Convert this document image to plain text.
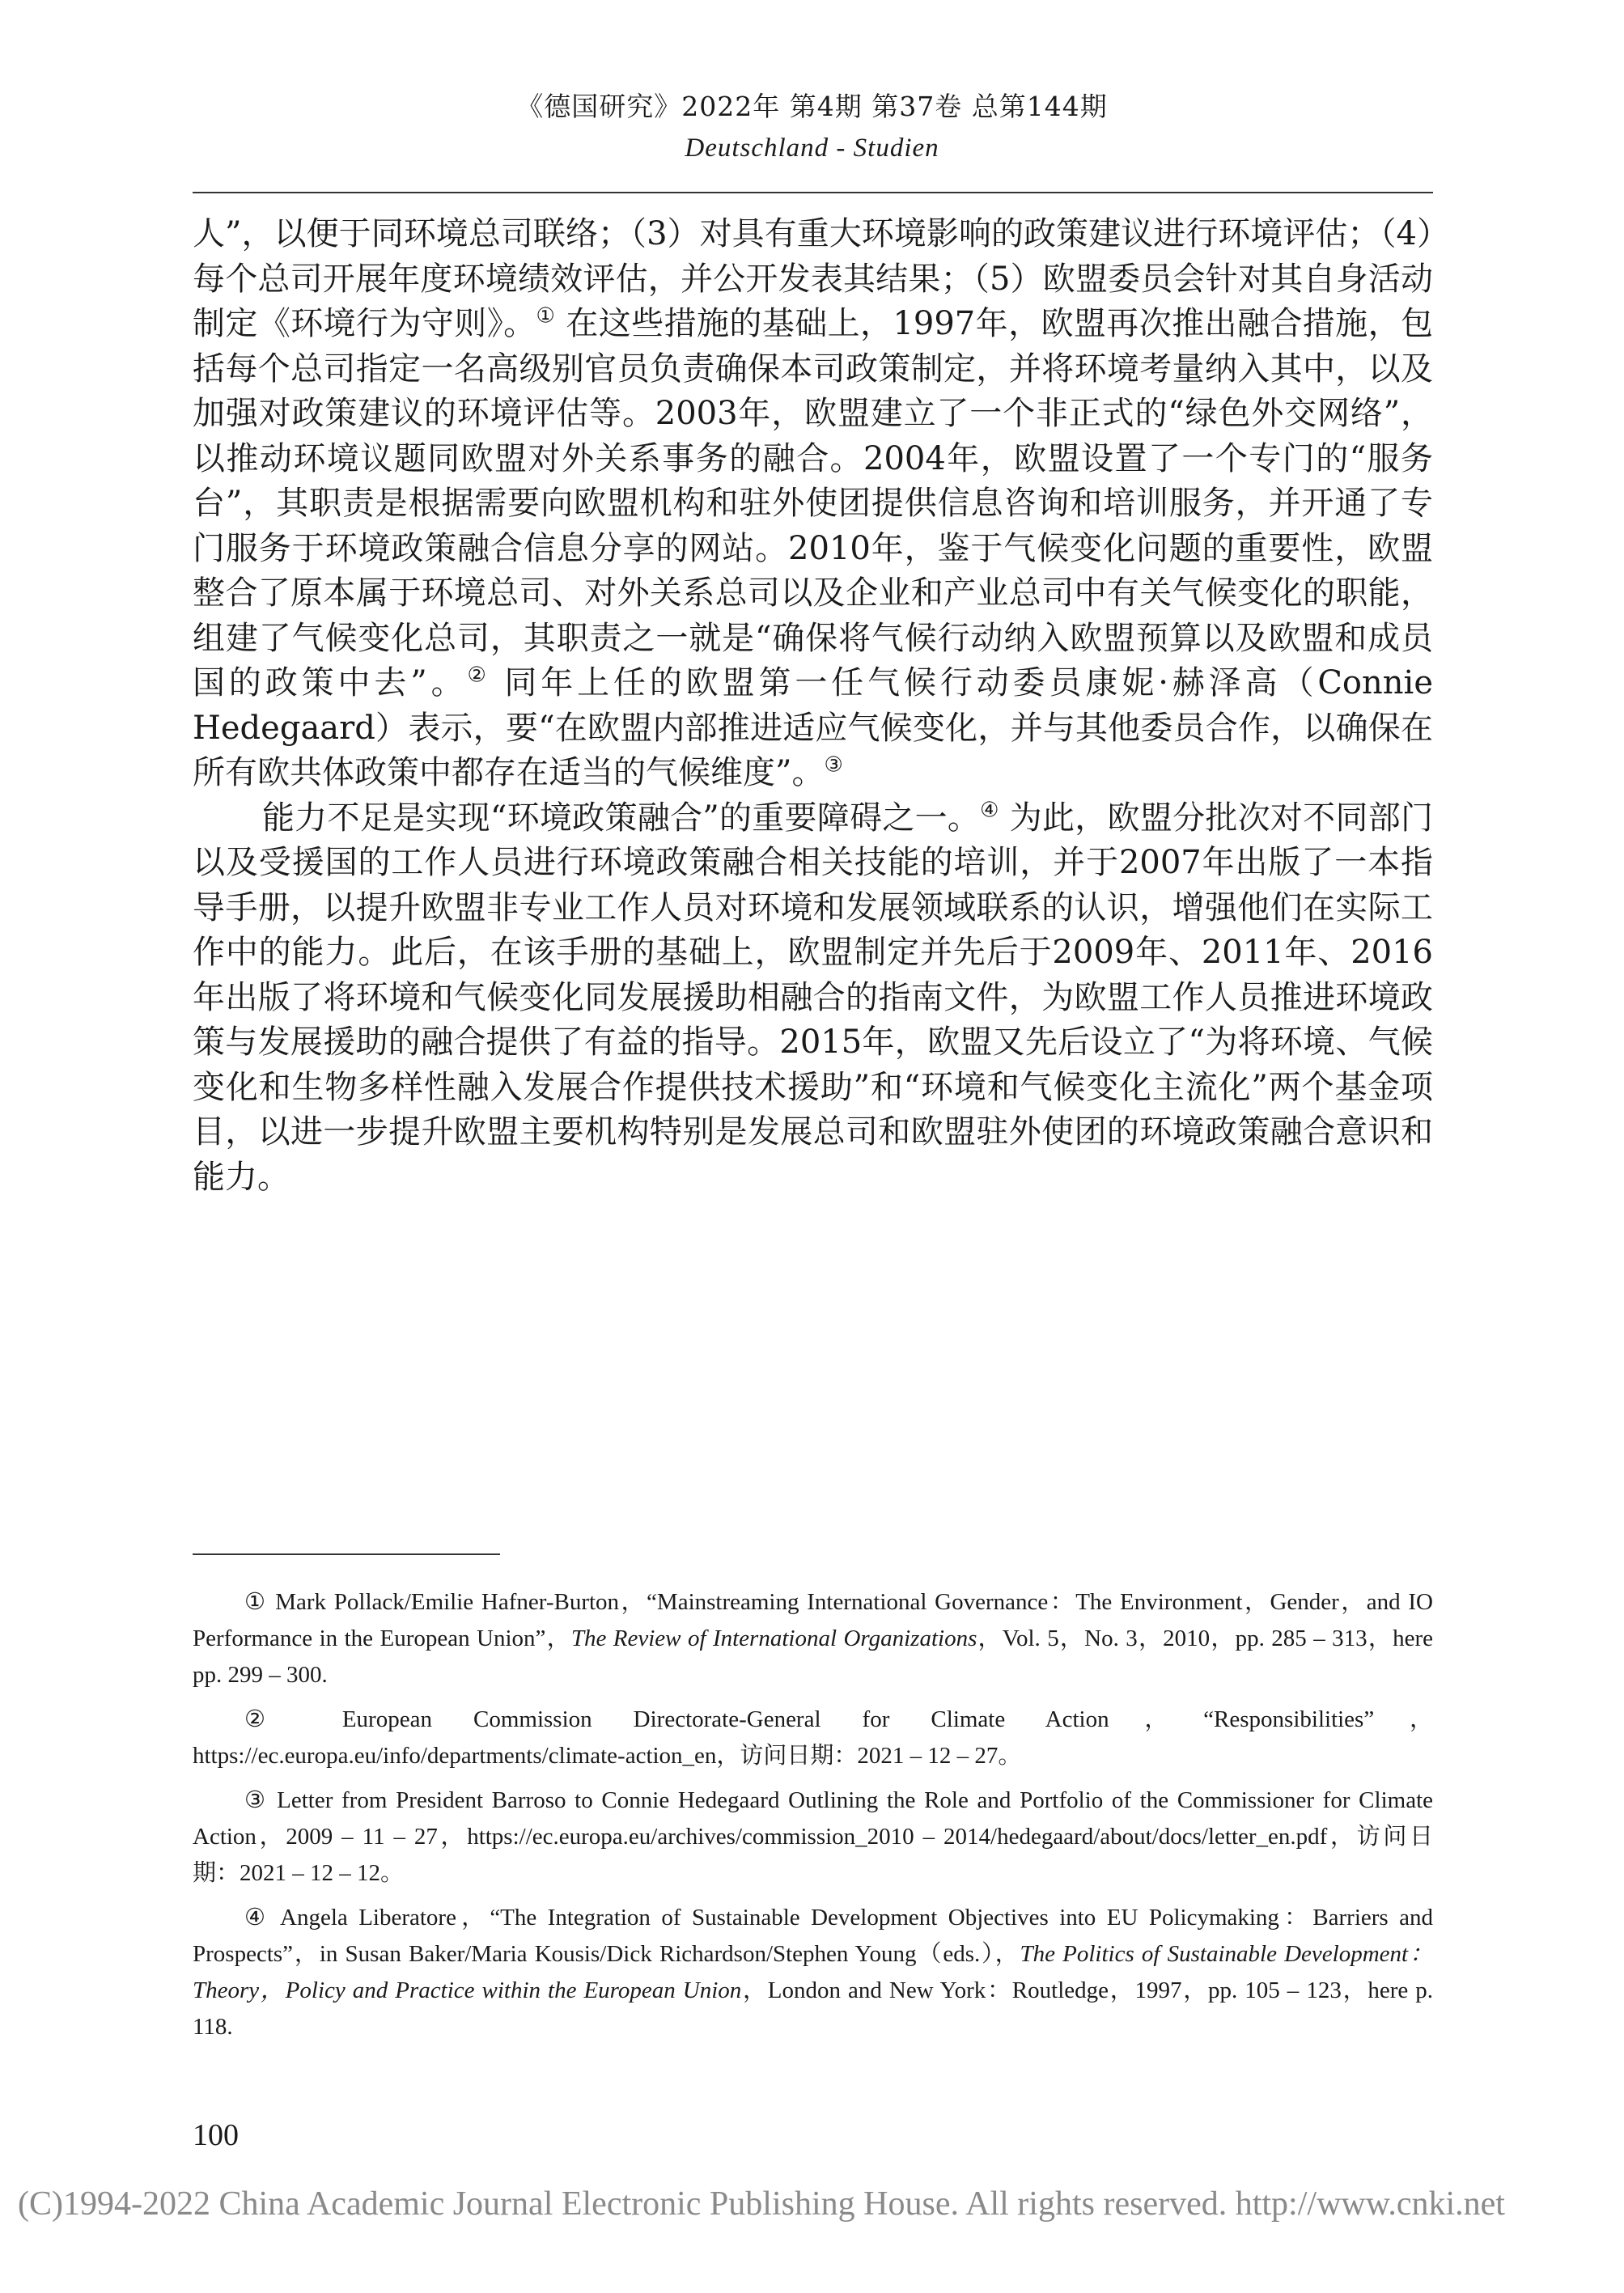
《德国研究》2022年 第4期 第37卷 总第144期
Deutschland - Studien

人”，以便于同环境总司联络；（3）对具有重大环境影响的政策建议进行环境评估；（4）每个总司开展年度环境绩效评估，并公开发表其结果；（5）欧盟委员会针对其自身活动制定《环境行为守则》。① 在这些措施的基础上，1997年，欧盟再次推出融合措施，包括每个总司指定一名高级别官员负责确保本司政策制定，并将环境考量纳入其中，以及加强对政策建议的环境评估等。2003年，欧盟建立了一个非正式的“绿色外交网络”，以推动环境议题同欧盟对外关系事务的融合。2004年，欧盟设置了一个专门的“服务台”，其职责是根据需要向欧盟机构和驻外使团提供信息咨询和培训服务，并开通了专门服务于环境政策融合信息分享的网站。2010年，鉴于气候变化问题的重要性，欧盟整合了原本属于环境总司、对外关系总司以及企业和产业总司中有关气候变化的职能，组建了气候变化总司，其职责之一就是“确保将气候行动纳入欧盟预算以及欧盟和成员国的政策中去”。② 同年上任的欧盟第一任气候行动委员康妮·赫泽高（Connie Hedegaard）表示，要“在欧盟内部推进适应气候变化，并与其他委员合作，以确保在所有欧共体政策中都存在适当的气候维度”。③

能力不足是实现“环境政策融合”的重要障碍之一。④ 为此，欧盟分批次对不同部门以及受援国的工作人员进行环境政策融合相关技能的培训，并于2007年出版了一本指导手册，以提升欧盟非专业工作人员对环境和发展领域联系的认识，增强他们在实际工作中的能力。此后，在该手册的基础上，欧盟制定并先后于2009年、2011年、2016年出版了将环境和气候变化同发展援助相融合的指南文件，为欧盟工作人员推进环境政策与发展援助的融合提供了有益的指导。2015年，欧盟又先后设立了“为将环境、气候变化和生物多样性融入发展合作提供技术援助”和“环境和气候变化主流化”两个基金项目，以进一步提升欧盟主要机构特别是发展总司和欧盟驻外使团的环境政策融合意识和能力。

① Mark Pollack/Emilie Hafner-Burton，“Mainstreaming International Governance：The Environment，Gender，and IO Performance in the European Union”，The Review of International Organizations，Vol. 5，No. 3，2010，pp. 285 – 313，here pp. 299 – 300.

② European Commission Directorate-General for Climate Action，“Responsibilities”，https://ec.europa.eu/info/departments/climate-action_en，访问日期：2021 – 12 – 27。

③ Letter from President Barroso to Connie Hedegaard Outlining the Role and Portfolio of the Commissioner for Climate Action，2009 – 11 – 27，https://ec.europa.eu/archives/commission_2010 – 2014/hedegaard/about/docs/letter_en.pdf，访问日期：2021 – 12 – 12。

④ Angela Liberatore，“The Integration of Sustainable Development Objectives into EU Policymaking：Barriers and Prospects”，in Susan Baker/Maria Kousis/Dick Richardson/Stephen Young（eds.），The Politics of Sustainable Development：Theory，Policy and Practice within the European Union，London and New York：Routledge，1997，pp. 105 – 123，here p. 118.

100
(C)1994-2022 China Academic Journal Electronic Publishing House. All rights reserved. http://www.cnki.net
